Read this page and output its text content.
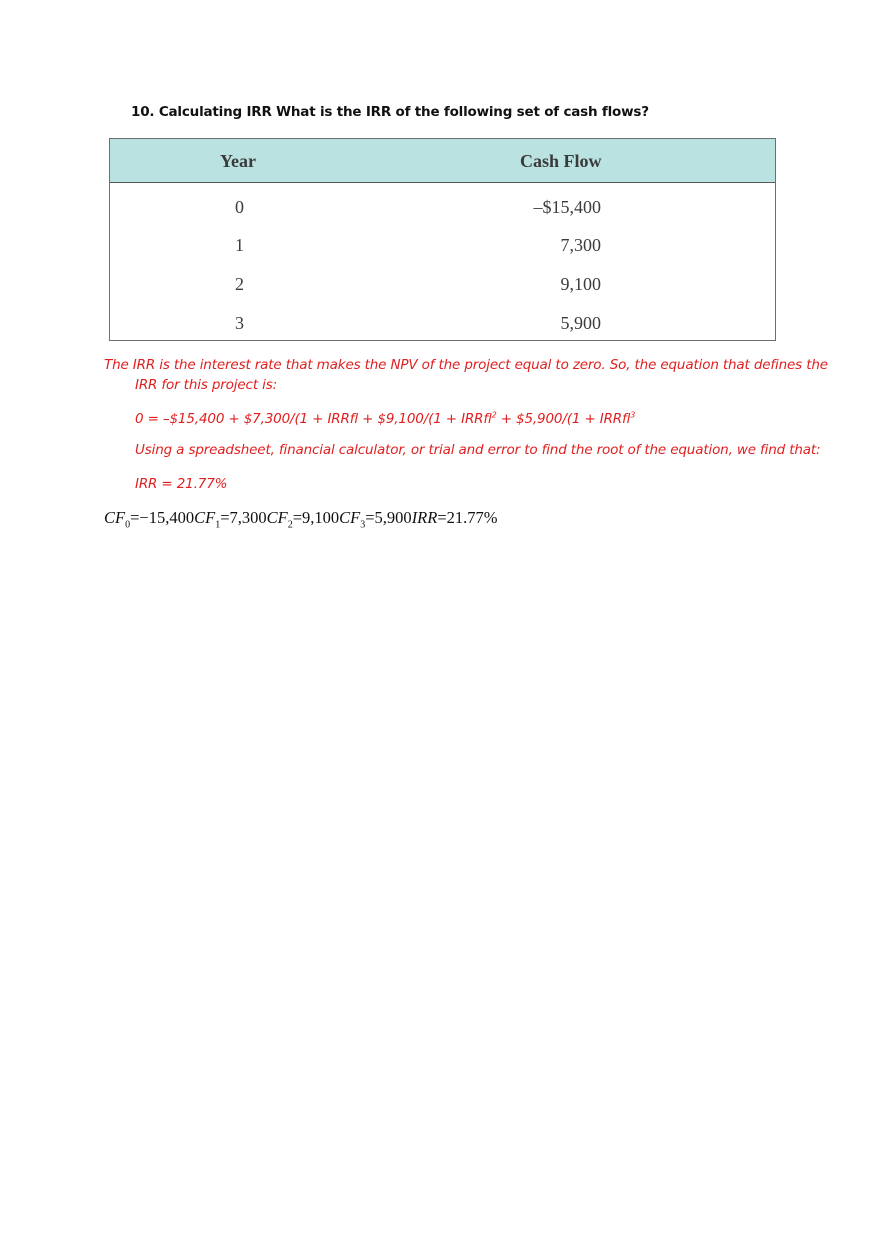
10. Calculating IRR What is the IRR of the following set of cash flows?
Year	Cash Flow
0	–$15,400
1	7,300
2	9,100
3	5,900
The IRR is the interest rate that makes the NPV of the project equal to zero. So, the equation that defines the
IRR for this project is:
0 = –$15,400 + $7,300/(1 + IRRfl + $9,100/(1 + IRRfl$^2$ + $5,900/(1 + IRRfl$^3$
Using a spreadsheet, financial calculator, or trial and error to find the root of the equation, we find that:
IRR = 21.77%
$CF_0=-15,400CF_1=7,300CF_2=9,100CF_3=5,900IRR=21.77\%$
